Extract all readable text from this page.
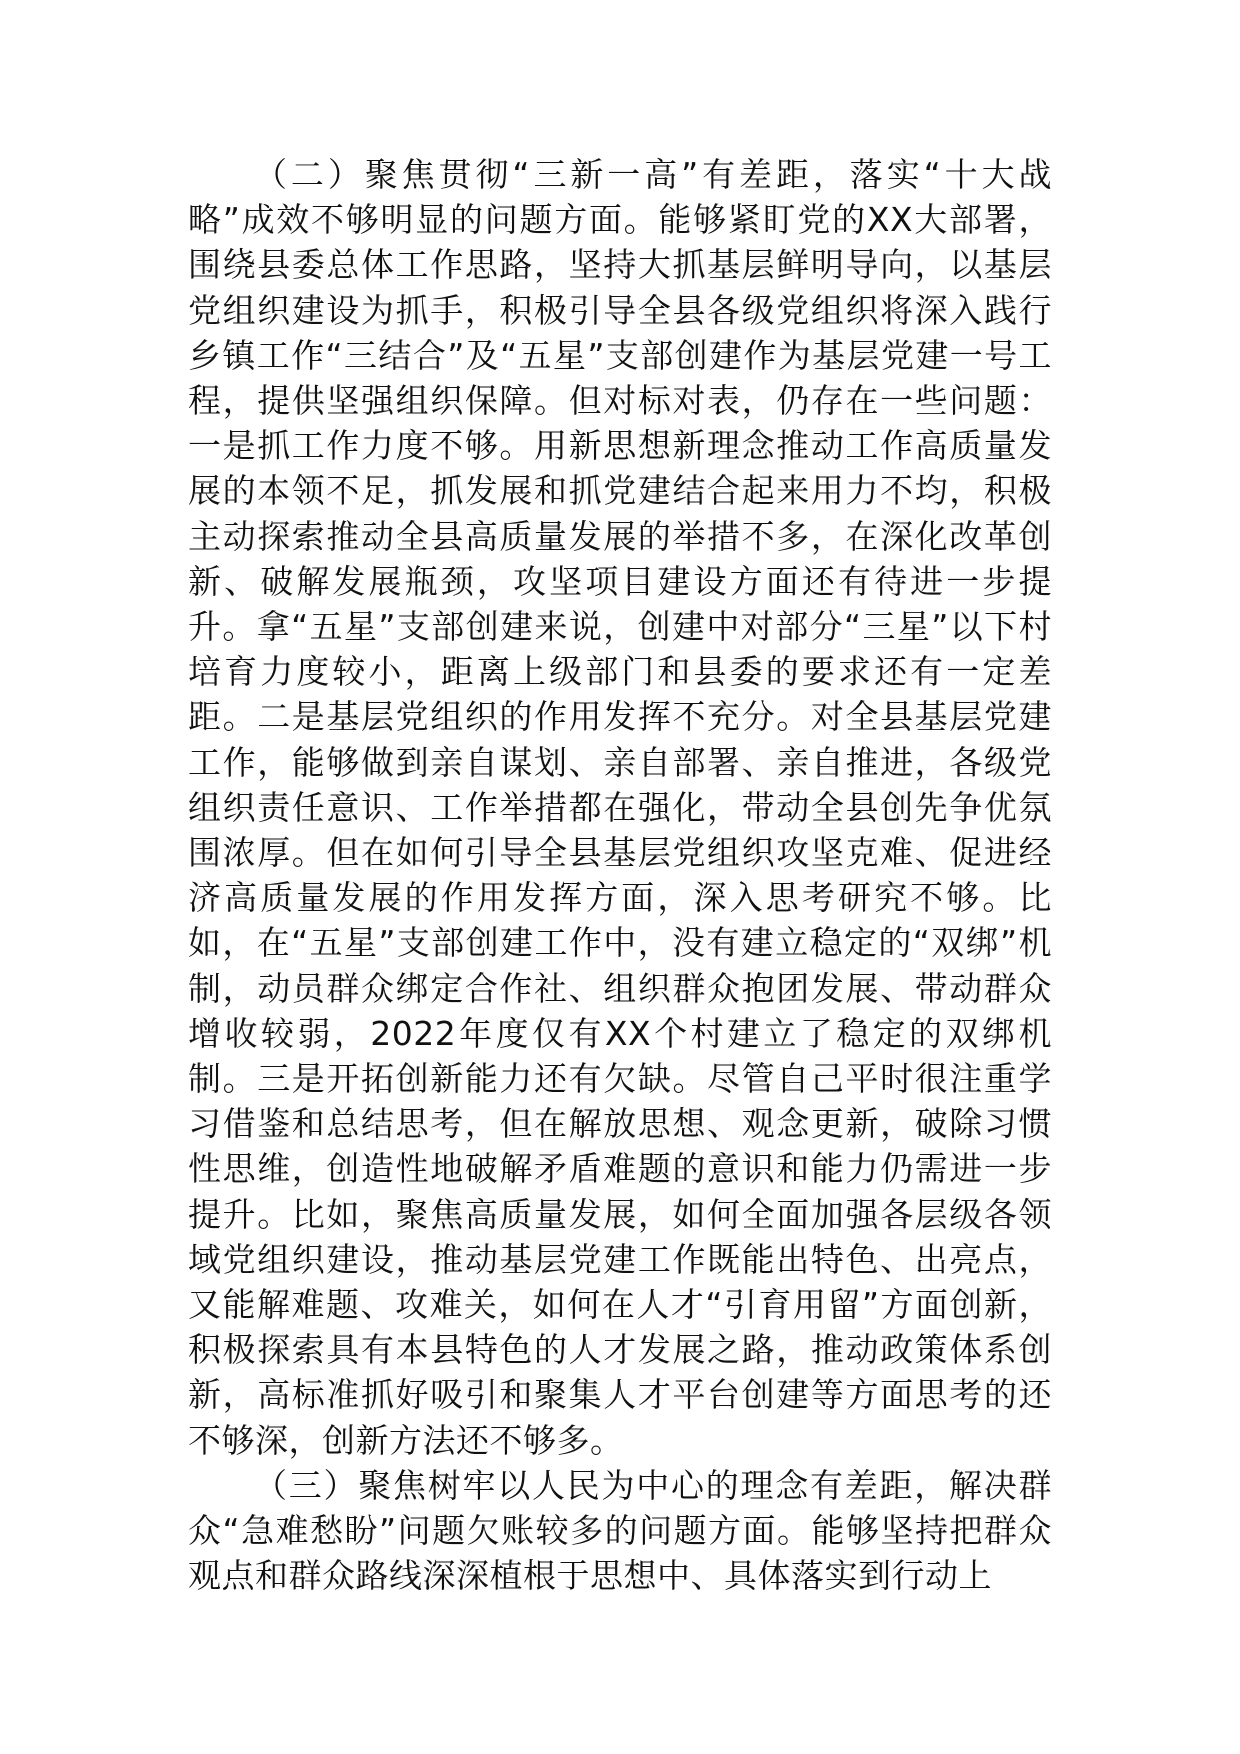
（二）聚焦贯彻“三新一高”有差距，落实“十大战略”成效不够明显的问题方面。能够紧盯党的XX大部署，围绕县委总体工作思路，坚持大抓基层鲜明导向，以基层党组织建设为抓手，积极引导全县各级党组织将深入践行乡镇工作“三结合”及“五星”支部创建作为基层党建一号工程，提供坚强组织保障。但对标对表，仍存在一些问题：一是抓工作力度不够。用新思想新理念推动工作高质量发展的本领不足，抓发展和抓党建结合起来用力不均，积极主动探索推动全县高质量发展的举措不多，在深化改革创新、破解发展瓶颈，攻坚项目建设方面还有待进一步提升。拿“五星”支部创建来说，创建中对部分“三星”以下村培育力度较小，距离上级部门和县委的要求还有一定差距。二是基层党组织的作用发挥不充分。对全县基层党建工作，能够做到亲自谋划、亲自部署、亲自推进，各级党组织责任意识、工作举措都在强化，带动全县创先争优氛围浓厚。但在如何引导全县基层党组织攻坚克难、促进经济高质量发展的作用发挥方面，深入思考研究不够。比如，在“五星”支部创建工作中，没有建立稳定的“双绑”机制，动员群众绑定合作社、组织群众抱团发展、带动群众增收较弱，2022年度仅有XX个村建立了稳定的双绑机制。三是开拓创新能力还有欠缺。尽管自己平时很注重学习借鉴和总结思考，但在解放思想、观念更新，破除习惯性思维，创造性地破解矛盾难题的意识和能力仍需进一步提升。比如，聚焦高质量发展，如何全面加强各层级各领域党组织建设，推动基层党建工作既能出特色、出亮点，又能解难题、攻难关，如何在人才“引育用留”方面创新，积极探索具有本县特色的人才发展之路，推动政策体系创新，高标准抓好吸引和聚集人才平台创建等方面思考的还不够深，创新方法还不够多。

（三）聚焦树牢以人民为中心的理念有差距，解决群众“急难愁盼”问题欠账较多的问题方面。能够坚持把群众观点和群众路线深深植根于思想中、具体落实到行动上
